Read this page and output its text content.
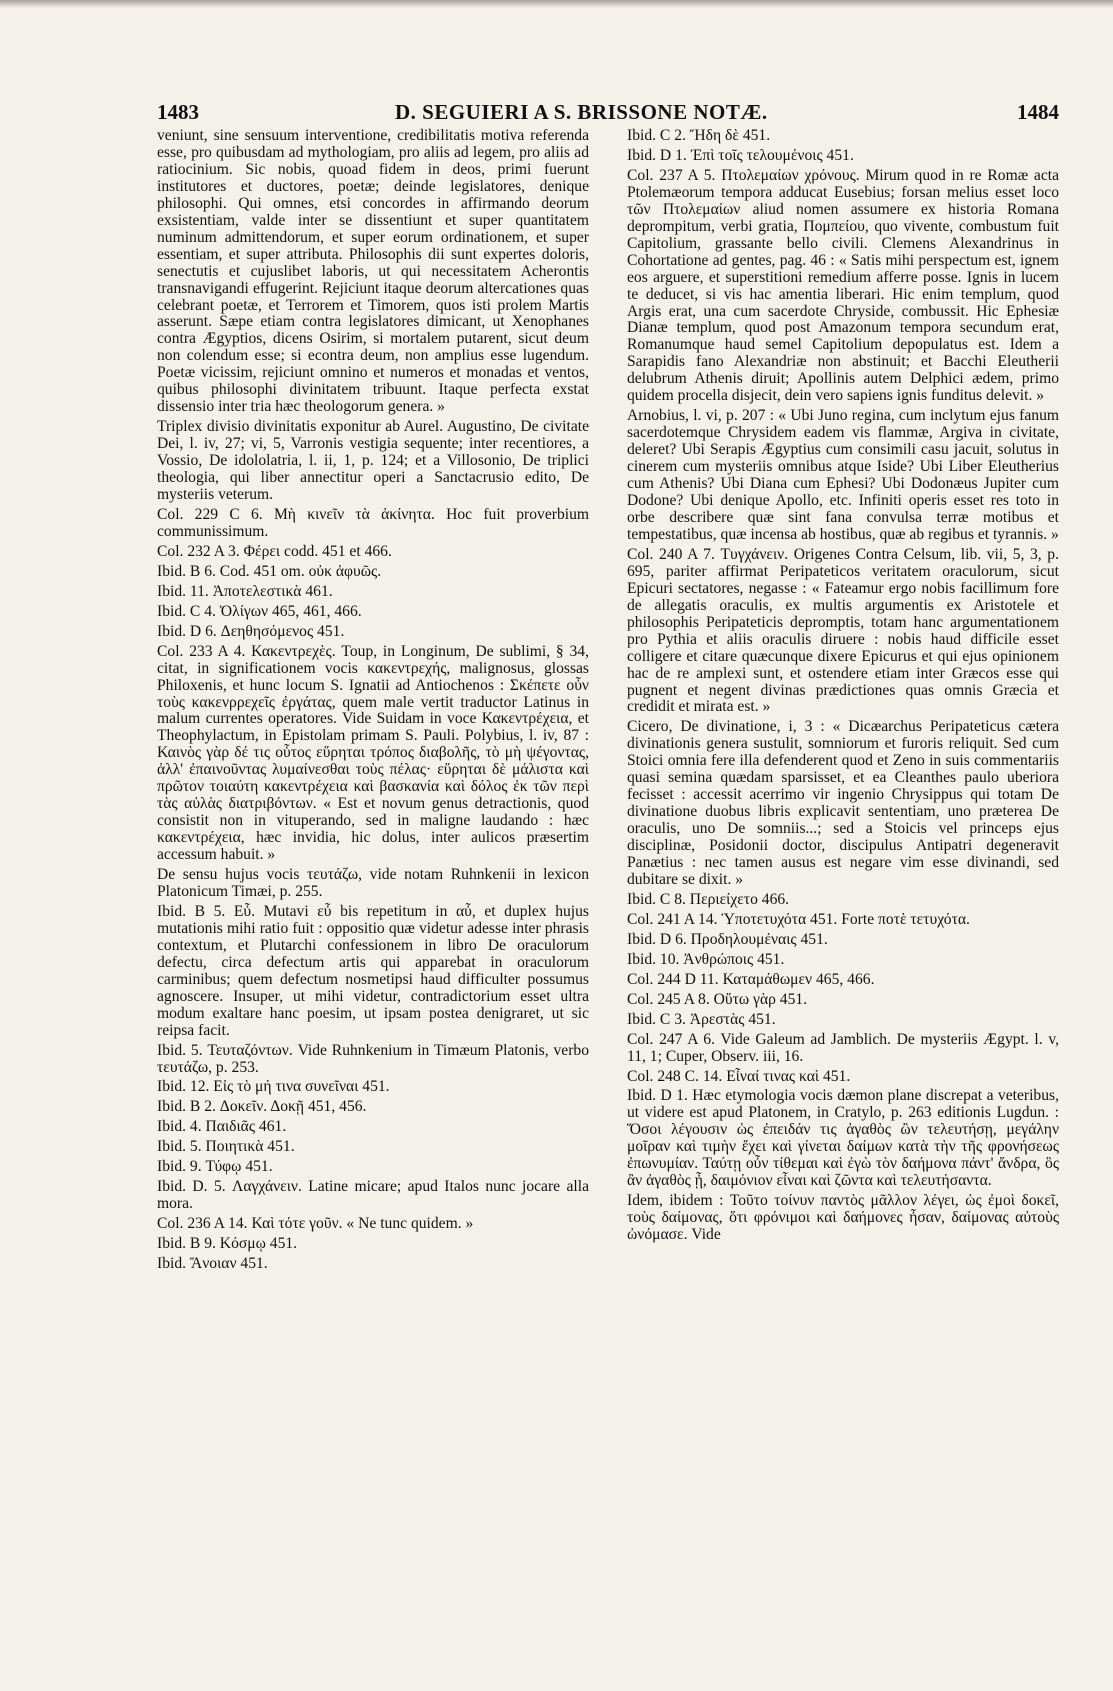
1483	D. SEGUIERI A S. BRISSONE NOTÆ.	1484

veniunt, sine sensuum interventione, credibilitatis motiva referenda esse, pro quibusdam ad mythologiam, pro aliis ad legem, pro aliis ad ratiocinium. Sic nobis, quoad fidem in deos, primi fuerunt institutores et ductores, poetæ; deinde legislatores, denique philosophi. Qui omnes, etsi concordes in affirmando deorum exsistentiam, valde inter se dissentiunt et super quantitatem numinum admittendorum, et super eorum ordinationem, et super essentiam, et super attributa. Philosophis dii sunt expertes doloris, senectutis et cujuslibet laboris, ut qui necessitatem Acherontis transnavigandi effugerint. Rejiciunt itaque deorum altercationes quas celebrant poetæ, et Terrorem et Timorem, quos isti prolem Martis asserunt. Sæpe etiam contra legislatores dimicant, ut Xenophanes contra Ægyptios, dicens Osirim, si mortalem putarent, sicut deum non colendum esse; si econtra deum, non amplius esse lugendum. Poetæ vicissim, rejiciunt omnino et numeros et monadas et ventos, quibus philosophi divinitatem tribuunt. Itaque perfecta exstat dissensio inter tria hæc theologorum genera. »

Triplex divisio divinitatis exponitur ab Aurel. Augustino, De civitate Dei, l. iv, 27; vi, 5, Varronis vestigia sequente; inter recentiores, a Vossio, De idololatria, l. ii, 1, p. 124; et a Villosonio, De triplici theologia, qui liber annectitur operi a Sanctacrusio edito, De mysteriis veterum.

Col. 229 C 6. Μὴ κινεῖν τὰ ἀκίνητα. Hoc fuit proverbium communissimum.

Col. 232 A 3. Φέρει codd. 451 et 466.

Ibid. B 6. Cod. 451 om. οὐκ ἀφυῶς.

Ibid. 11. Ἀποτελεστικὰ 461.

Ibid. C 4. Ὀλίγων 465, 461, 466.

Ibid. D 6. Δεηθησόμενος 451.

Col. 233 A 4. Κακεντρεχὲς. Toup, in Longinum, De sublimi, § 34, citat, in significationem vocis κακεντρεχής, malignosus, glossas Philoxenis, et hunc locum S. Ignatii ad Antiochenos : Σκέπετε οὖν τοὺς κακενρρεχεῖς ἐργάτας, quem male vertit traductor Latinus in malum currentes operatores. Vide Suidam in voce Κακεντρέχεια, et Theophylactum, in Epistolam primam S. Pauli. Polybius, l. iv, 87 : Καινὸς γὰρ δέ τις οὗτος εὕρηται τρόπος διαβολῆς, τὸ μὴ ψέγοντας, ἀλλ' ἐπαινοῦντας λυμαίνεσθαι τοὺς πέλας· εὕρηται δὲ μάλιστα καὶ πρῶτον τοιαύτη κακεντρέχεια καὶ βασκανία καὶ δόλος ἐκ τῶν περὶ τὰς αὐλὰς διατριβόντων. « Est et novum genus detractionis, quod consistit non in vituperando, sed in maligne laudando : hæc κακεντρέχεια, hæc invidia, hic dolus, inter aulicos præsertim accessum habuit. »

De sensu hujus vocis τευτάζω, vide notam Ruhnkenii in lexicon Platonicum Timæi, p. 255.

Ibid. B 5. Εὖ. Mutavi εὖ bis repetitum in αὖ, et duplex hujus mutationis mihi ratio fuit : oppositio quæ videtur adesse inter phrasis contextum, et Plutarchi confessionem in libro De oraculorum defectu, circa defectum artis qui apparebat in oraculorum carminibus; quem defectum nosmetipsi haud difficulter possumus agnoscere. Insuper, ut mihi videtur, contradictorium esset ultra modum exaltare hanc poesim, ut ipsam postea denigraret, ut sic reipsa facit.

Ibid. 5. Τευταζόντων. Vide Ruhnkenium in Timæum Platonis, verbo τευτάζω, p. 253.

Ibid. 12. Εἰς τὸ μή τινα συνεῖναι 451.

Ibid. B 2. Δοκεῖν. Δοκῇ 451, 456.

Ibid. 4. Παιδιᾶς 461.

Ibid. 5. Ποιητικὰ 451.

Ibid. 9. Τύφῳ 451.

Ibid. D. 5. Λαγχάνειν. Latine micare; apud Italos nunc jocare alla mora.

Col. 236 A 14. Καὶ τότε γοῦν. « Ne tunc quidem. »

Ibid. B 9. Κόσμῳ 451.

Ibid. Ἄνοιαν 451.

Ibid. C 2. Ἤδη δὲ 451.

Ibid. D 1. Ἐπὶ τοῖς τελουμένοις 451.

Col. 237 A 5. Πτολεμαίων χρόνους. Mirum quod in re Romæ acta Ptolemæorum tempora adducat Eusebius; forsan melius esset loco τῶν Πτολεμαίων aliud nomen assumere ex historia Romana deprompitum, verbi gratia, Πομπείου, quo vivente, combustum fuit Capitolium, grassante bello civili. Clemens Alexandrinus in Cohortatione ad gentes, pag. 46 : « Satis mihi perspectum est, ignem eos arguere, et superstitioni remedium afferre posse. Ignis in lucem te deducet, si vis hac amentia liberari. Hic enim templum, quod Argis erat, una cum sacerdote Chryside, combussit. Hic Ephesiæ Dianæ templum, quod post Amazonum tempora secundum erat, Romanumque haud semel Capitolium depopulatus est. Idem a Sarapidis fano Alexandriæ non abstinuit; et Bacchi Eleutherii delubrum Athenis diruit; Apollinis autem Delphici ædem, primo quidem procella disjecit, dein vero sapiens ignis funditus delevit. »

Arnobius, l. vi, p. 207 : « Ubi Juno regina, cum inclytum ejus fanum sacerdotemque Chrysidem eadem vis flammæ, Argiva in civitate, deleret? Ubi Serapis Ægyptius cum consimili casu jacuit, solutus in cinerem cum mysteriis omnibus atque Iside? Ubi Liber Eleutherius cum Athenis? Ubi Diana cum Ephesi? Ubi Dodonæus Jupiter cum Dodone? Ubi denique Apollo, etc. Infiniti operis esset res toto in orbe describere quæ sint fana convulsa terræ motibus et tempestatibus, quæ incensa ab hostibus, quæ ab regibus et tyrannis. »

Col. 240 A 7. Τυγχάνειν. Origenes Contra Celsum, lib. vii, 5, 3, p. 695, pariter affirmat Peripateticos veritatem oraculorum, sicut Epicuri sectatores, negasse : « Fateamur ergo nobis facillimum fore de allegatis oraculis, ex multis argumentis ex Aristotele et philosophis Peripateticis depromptis, totam hanc argumentationem pro Pythia et aliis oraculis diruere : nobis haud difficile esset colligere et citare quæcunque dixere Epicurus et qui ejus opinionem hac de re amplexi sunt, et ostendere etiam inter Græcos esse qui pugnent et negent divinas prædictiones quas omnis Græcia et credidit et mirata est. »

Cicero, De divinatione, i, 3 : « Dicæarchus Peripateticus cætera divinationis genera sustulit, somniorum et furoris reliquit. Sed cum Stoici omnia fere illa defenderent quod et Zeno in suis commentariis quasi semina quædam sparsisset, et ea Cleanthes paulo uberiora fecisset : accessit acerrimo vir ingenio Chrysippus qui totam De divinatione duobus libris explicavit sententiam, uno præterea De oraculis, uno De somniis...; sed a Stoicis vel princeps ejus disciplinæ, Posidonii doctor, discipulus Antipatri degeneravit Panætius : nec tamen ausus est negare vim esse divinandi, sed dubitare se dixit. »

Ibid. C 8. Περιείχετο 466.

Col. 241 A 14. Ὑποτετυχότα 451. Forte ποτὲ τετυχότα.

Ibid. D 6. Προδηλουμέναις 451.

Ibid. 10. Ἀνθρώποις 451.

Col. 244 D 11. Καταμάθωμεν 465, 466.

Col. 245 A 8. Οὕτω γὰρ 451.

Ibid. C 3. Ἀρεστὰς 451.

Col. 247 A 6. Vide Galeum ad Jamblich. De mysteriis Ægypt. l. v, 11, 1; Cuper, Observ. iii, 16.

Col. 248 C. 14. Εἶναί τινας καὶ 451.

Ibid. D 1. Hæc etymologia vocis dæmon plane discrepat a veteribus, ut videre est apud Platonem, in Cratylo, p. 263 editionis Lugdun. : Ὅσοι λέγουσιν ὡς ἐπειδάν τις ἀγαθὸς ὢν τελευτήσῃ, μεγάλην μοῖραν καὶ τιμὴν ἔχει καὶ γίνεται δαίμων κατὰ τὴν τῆς φρονήσεως ἐπωνυμίαν. Ταύτῃ οὖν τίθεμαι καὶ ἐγὼ τὸν δαήμονα πάντ' ἄνδρα, ὃς ἂν ἀγαθὸς ᾖ, δαιμόνιον εἶναι καὶ ζῶντα καὶ τελευτήσαντα.

Idem, ibidem : Τοῦτο τοίνυν παντὸς μᾶλλον λέγει, ὡς ἐμοὶ δοκεῖ, τοὺς δαίμονας, ὅτι φρόνιμοι καὶ δαήμονες ἦσαν, δαίμονας αὐτοὺς ὠνόμασε. Vide
